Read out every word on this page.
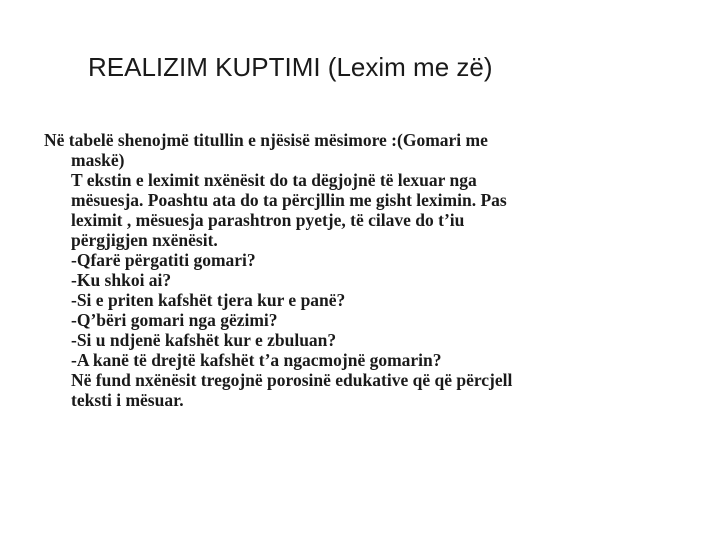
REALIZIM KUPTIMI (Lexim me zë)
Në tabelë shenojmë titullin e njësisë mësimore :(Gomari me
maskë)
T ekstin e leximit nxënësit do ta dëgjojnë të lexuar nga
mësuesja. Poashtu ata do ta përcjllin me gisht leximin. Pas
leximit , mësuesja parashtron pyetje, të cilave do t’iu
përgjigjen nxënësit.
-Qfarë përgatiti gomari?
-Ku shkoi ai?
-Si e priten kafshët tjera kur e panë?
-Q’bëri gomari nga gëzimi?
-Si u ndjenë kafshët kur e zbuluan?
-A kanë të drejtë kafshët t’a ngacmojnë gomarin?
Në fund nxënësit tregojnë porosinë edukative që që përcjell
teksti i mësuar.
